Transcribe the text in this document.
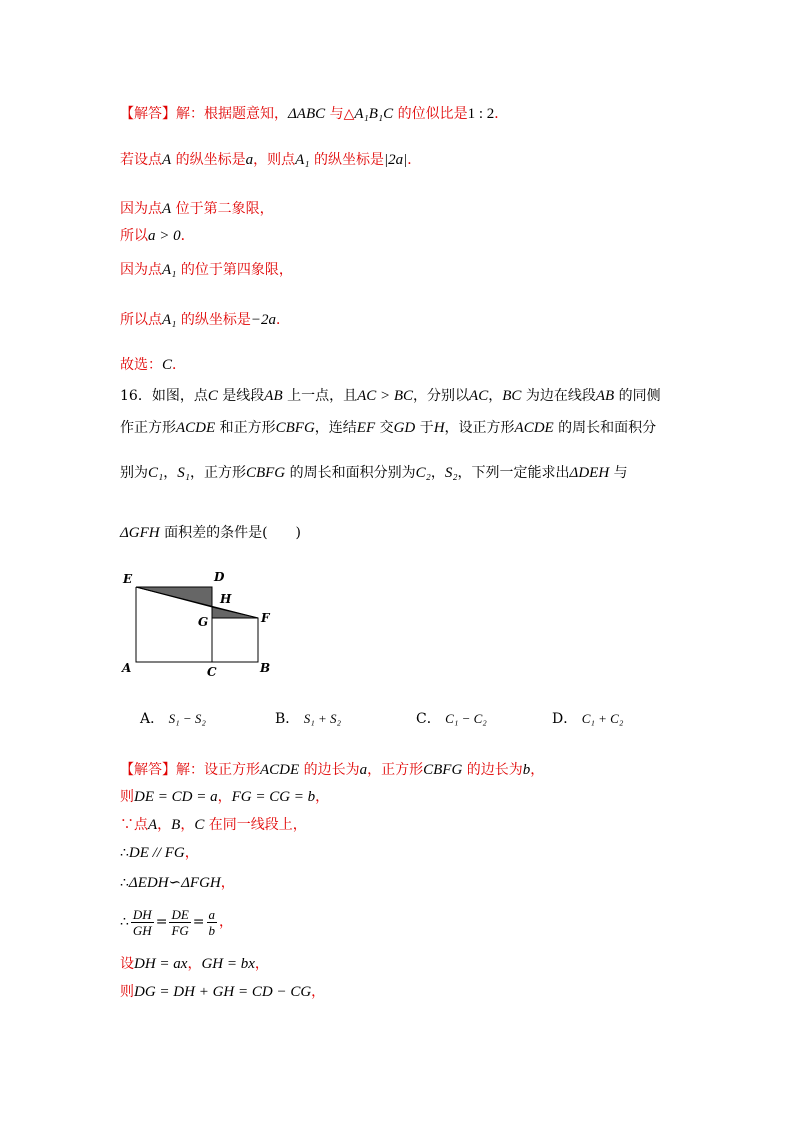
【解答】解：根据题意知，ΔABC 与△A₁B₁C 的位似比是1 : 2．
若设点A 的纵坐标是a，则点A₁ 的纵坐标是|2a|．
因为点A 位于第二象限，
所以a > 0．
因为点A₁ 的位于第四象限，
所以点A₁ 的纵坐标是−2a．
故选：C．
16．如图，点C 是线段AB 上一点，且AC > BC，分别以AC，BC 为边在线段AB 的同侧
作正方形ACDE 和正方形CBFG，连结EF 交GD 于H，设正方形ACDE 的周长和面积分
别为C₁，S₁，正方形CBFG 的周长和面积分别为C₂，S₂，下列一定能求出ΔDEH 与
ΔGFH 面积差的条件是(　　)
E	D
H
G	F
A	C	B
A． S₁ − S₂	B． S₁ + S₂	C． C₁ − C₂	D． C₁ + C₂
【解答】解：设正方形ACDE 的边长为a，正方形CBFG 的边长为b，
则DE = CD = a，FG = CG = b，
∵点A，B，C 在同一线段上，
∴DE // FG，
∴ΔEDH∽ΔFGH，
∴ $\frac{DH}{GH} = \frac{DE}{FG} = \frac{a}{b}$ ，
设DH = ax，GH = bx，
则DG = DH + GH = CD − CG，
